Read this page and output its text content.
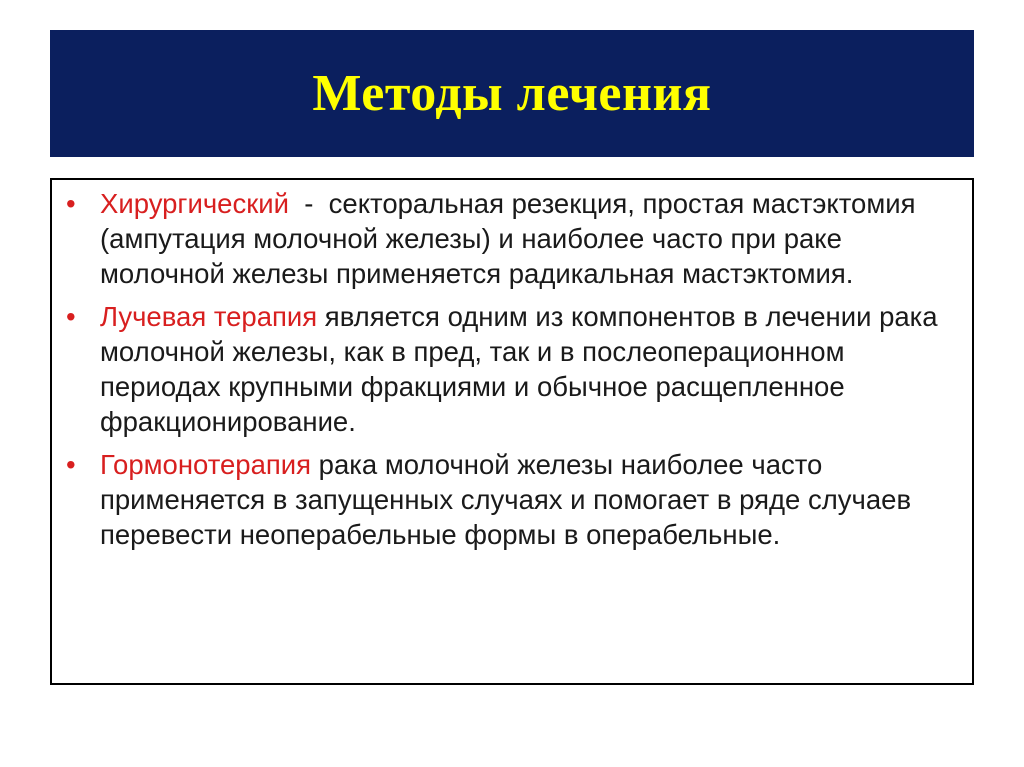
Методы лечения
• Хирургический  -  секторальная резекция, простая мастэктомия (ампутация молочной железы) и наиболее часто при раке молочной железы применяется радикальная мастэктомия.
• Лучевая терапия является одним из компонентов в лечении рака молочной железы, как в пред, так и в послеоперационном периодах крупными фракциями и обычное расщепленное фракционирование.
• Гормонотерапия рака молочной железы наиболее часто применяется в запущенных случаях и помогает в ряде случаев перевести неоперабельные формы в операбельные.
